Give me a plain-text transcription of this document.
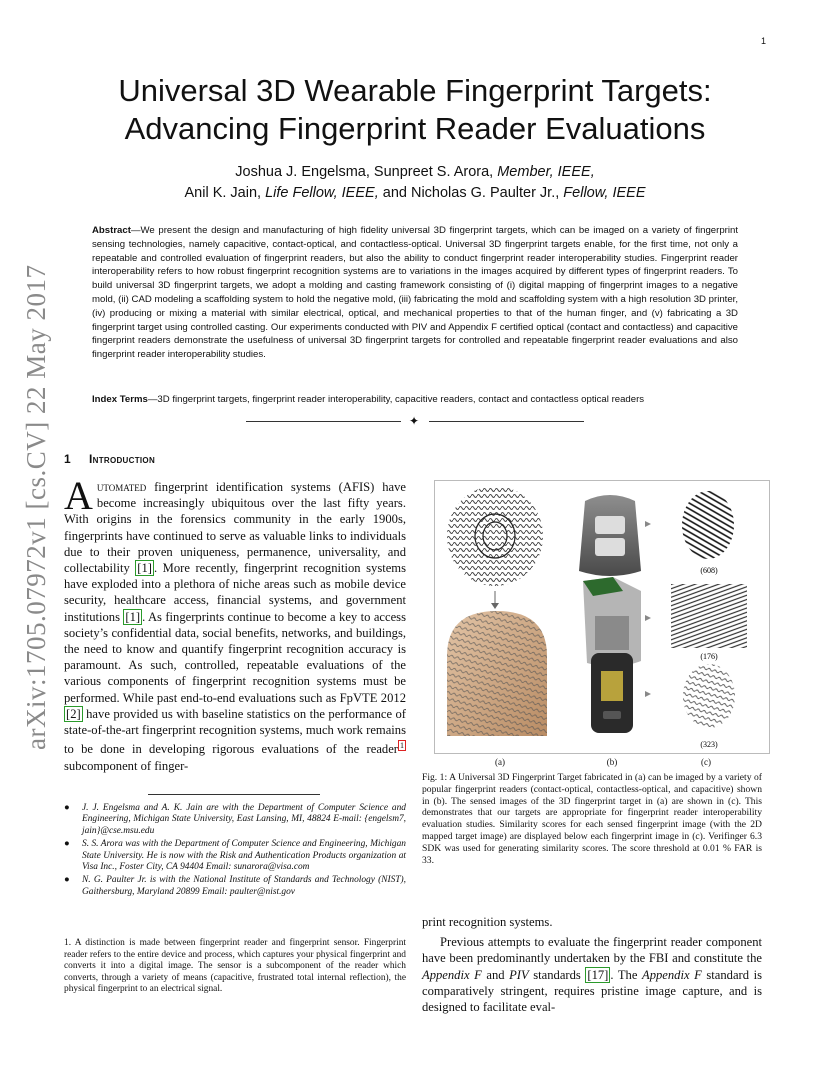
1
arXiv:1705.07972v1 [cs.CV] 22 May 2017
Universal 3D Wearable Fingerprint Targets:
Advancing Fingerprint Reader Evaluations
Joshua J. Engelsma, Sunpreet S. Arora, Member, IEEE,
Anil K. Jain, Life Fellow, IEEE, and Nicholas G. Paulter Jr., Fellow, IEEE
Abstract—We present the design and manufacturing of high fidelity universal 3D fingerprint targets, which can be imaged on a variety of fingerprint sensing technologies, namely capacitive, contact-optical, and contactless-optical. Universal 3D fingerprint targets enable, for the first time, not only a repeatable and controlled evaluation of fingerprint readers, but also the ability to conduct fingerprint reader interoperability studies. Fingerprint reader interoperability refers to how robust fingerprint recognition systems are to variations in the images acquired by different types of fingerprint readers. To build universal 3D fingerprint targets, we adopt a molding and casting framework consisting of (i) digital mapping of fingerprint images to a negative mold, (ii) CAD modeling a scaffolding system to hold the negative mold, (iii) fabricating the mold and scaffolding system with a high resolution 3D printer, (iv) producing or mixing a material with similar electrical, optical, and mechanical properties to that of the human finger, and (v) fabricating a 3D fingerprint target using controlled casting. Our experiments conducted with PIV and Appendix F certified optical (contact and contactless) and capacitive fingerprint readers demonstrate the usefulness of universal 3D fingerprint targets for controlled and repeatable fingerprint reader evaluations and also fingerprint reader interoperability studies.
Index Terms—3D fingerprint targets, fingerprint reader interoperability, capacitive readers, contact and contactless optical readers
✦
1 Introduction
Automated fingerprint identification systems (AFIS) have become increasingly ubiquitous over the last fifty years. With origins in the forensics community in the early 1900s, fingerprints have continued to serve as valuable links to individuals due to their proven uniqueness, permanence, universality, and collectability [1] . More recently, fingerprint recognition systems have exploded into a plethora of niche areas such as mobile device security, healthcare access, financial systems, and government institutions [1] . As fingerprints continue to become a key to access society’s confidential data, social benefits, networks, and buildings, the need to know and quantify fingerprint recognition accuracy is paramount. As such, controlled, repeatable evaluations of the various components of fingerprint recognition systems must be performed. While past end-to-end evaluations such as FpVTE 2012 [2] have provided us with baseline statistics on the performance of state-of-the-art fingerprint recognition systems, much work remains to be done in developing rigorous evaluations of the reader $^1$ subcomponent of finger-
● J. J. Engelsma and A. K. Jain are with the Department of Computer Science and Engineering, Michigan State University, East Lansing, MI, 48824 E-mail: {engelsm7, jain}@cse.msu.edu
● S. S. Arora was with the Department of Computer Science and Engineering, Michigan State University. He is now with the Risk and Authentication Products organization at Visa Inc., Foster City, CA 94404 Email: sunarora@visa.com
● N. G. Paulter Jr. is with the National Institute of Standards and Technology (NIST), Gaithersburg, Maryland 20899 Email: paulter@nist.gov
1. A distinction is made between fingerprint reader and fingerprint sensor. Fingerprint reader refers to the entire device and process, which captures your physical fingerprint and converts it into a digital image. The sensor is a subcomponent of the reader which converts, through a variety of means (capacitive, frustrated total internal reflection), the physical fingerprint to an electrical signal.
(608)
(176)
(323)
(a)	(b)	(c)
Fig. 1: A Universal 3D Fingerprint Target fabricated in (a) can be imaged by a variety of popular fingerprint readers (contact-optical, contactless-optical, and capacitive) shown in (b). The sensed images of the 3D fingerprint target in (a) are shown in (c). This demonstrates that our targets are appropriate for fingerprint reader interoperability evaluation studies. Similarity scores for each sensed fingerprint image (with the 2D mapped target image) are displayed below each fingerprint image in (c). Verifinger 6.3 SDK was used for generating similarity scores. The score threshold at 0.01 % FAR is 33.

print recognition systems.

Previous attempts to evaluate the fingerprint reader component have been predominantly undertaken by the FBI and constitute the Appendix F and PIV standards [17] . The Appendix F standard is comparatively stringent, requires pristine image capture, and is designed to facilitate eval-
